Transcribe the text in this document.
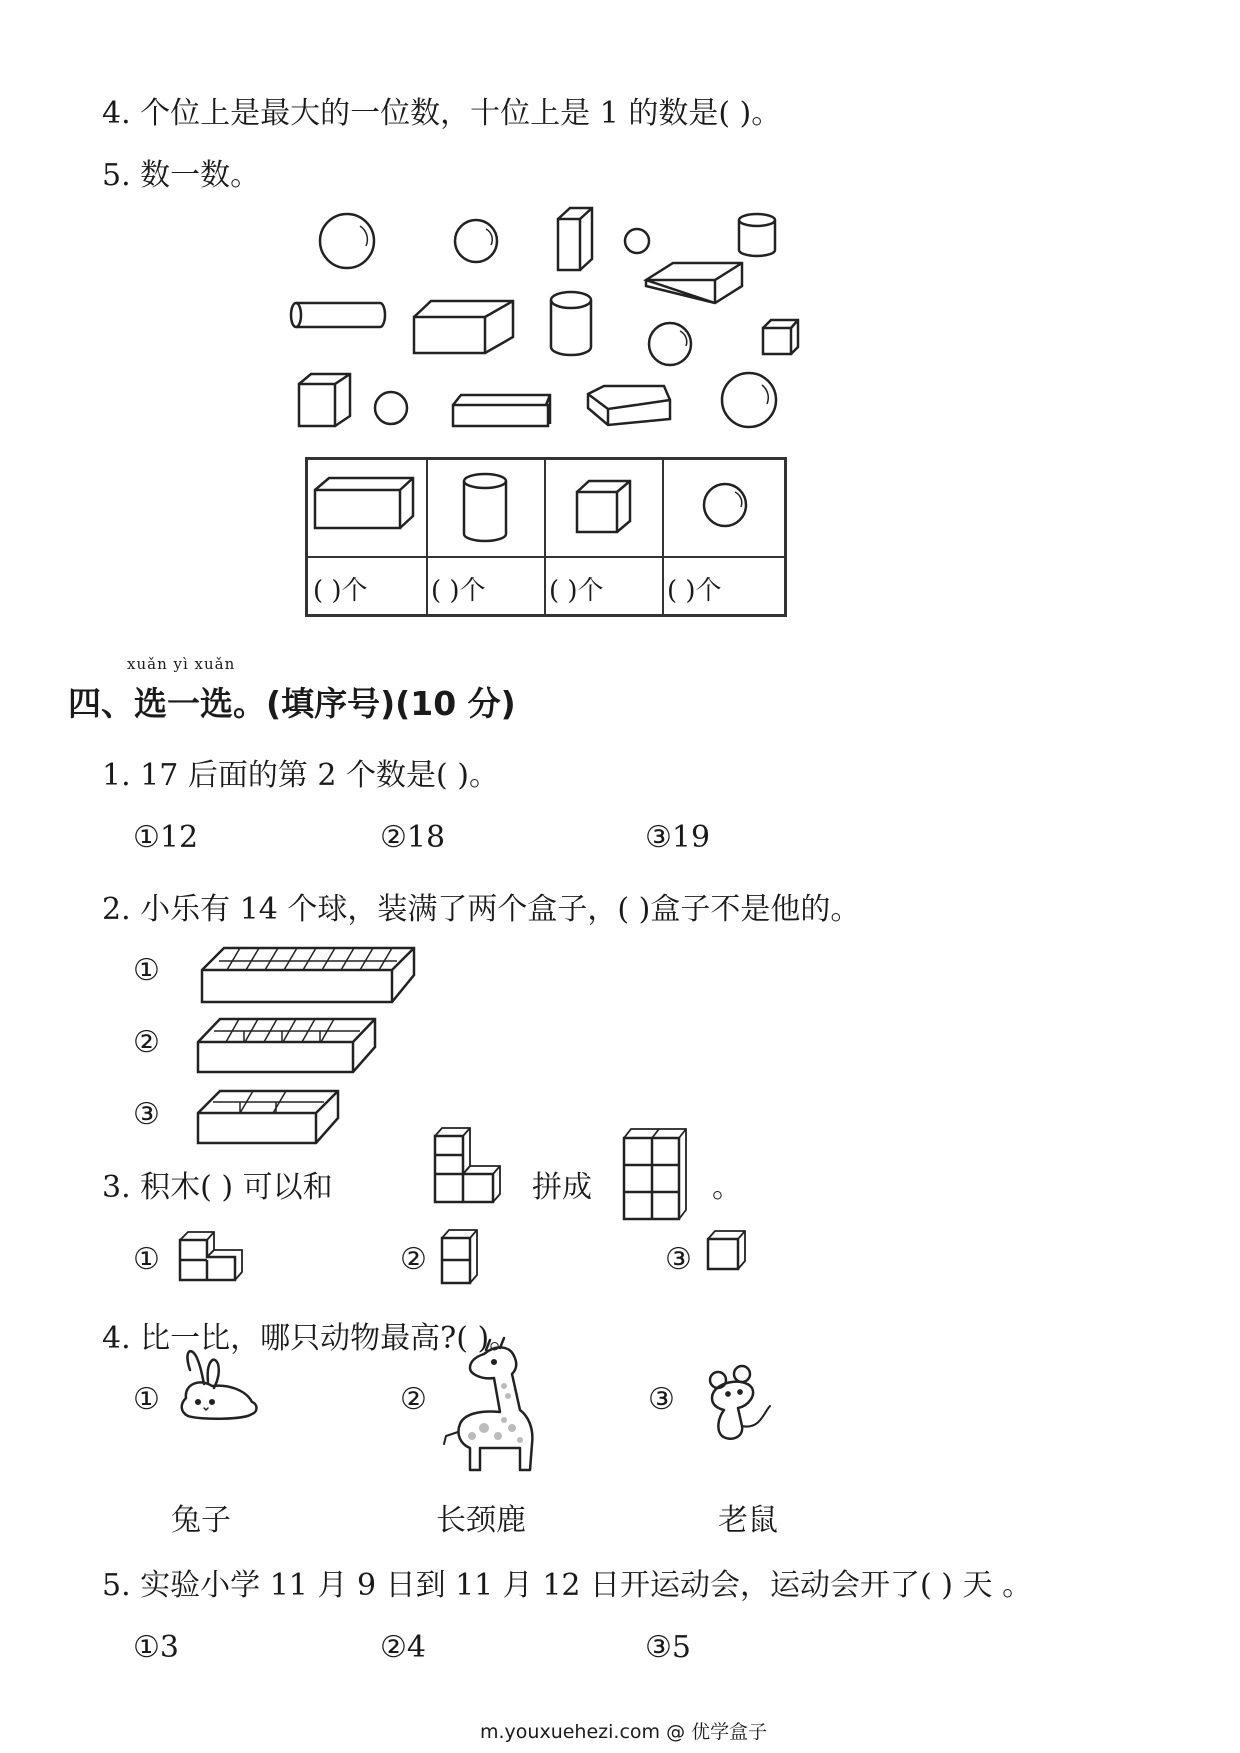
4. 个位上是最大的一位数，十位上是 1 的数是( )。
5. 数一数。
( )个 ( )个 ( )个 ( )个
xuǎn yì xuǎn
四、选一选。(填序号)(10 分)
1. 17 后面的第 2 个数是( )。
①12	②18	③19
2. 小乐有 14 个球，装满了两个盒子，( )盒子不是他的。
①
②
③
3. 积木( ) 可以和	拼成	。
①	②	③
4. 比一比，哪只动物最高?( )。
①	②	③
兔子	长颈鹿	老鼠
5. 实验小学 11 月 9 日到 11 月 12 日开运动会，运动会开了( ) 天 。
①3	②4	③5
m.youxuehezi.com @ 优学盒子
